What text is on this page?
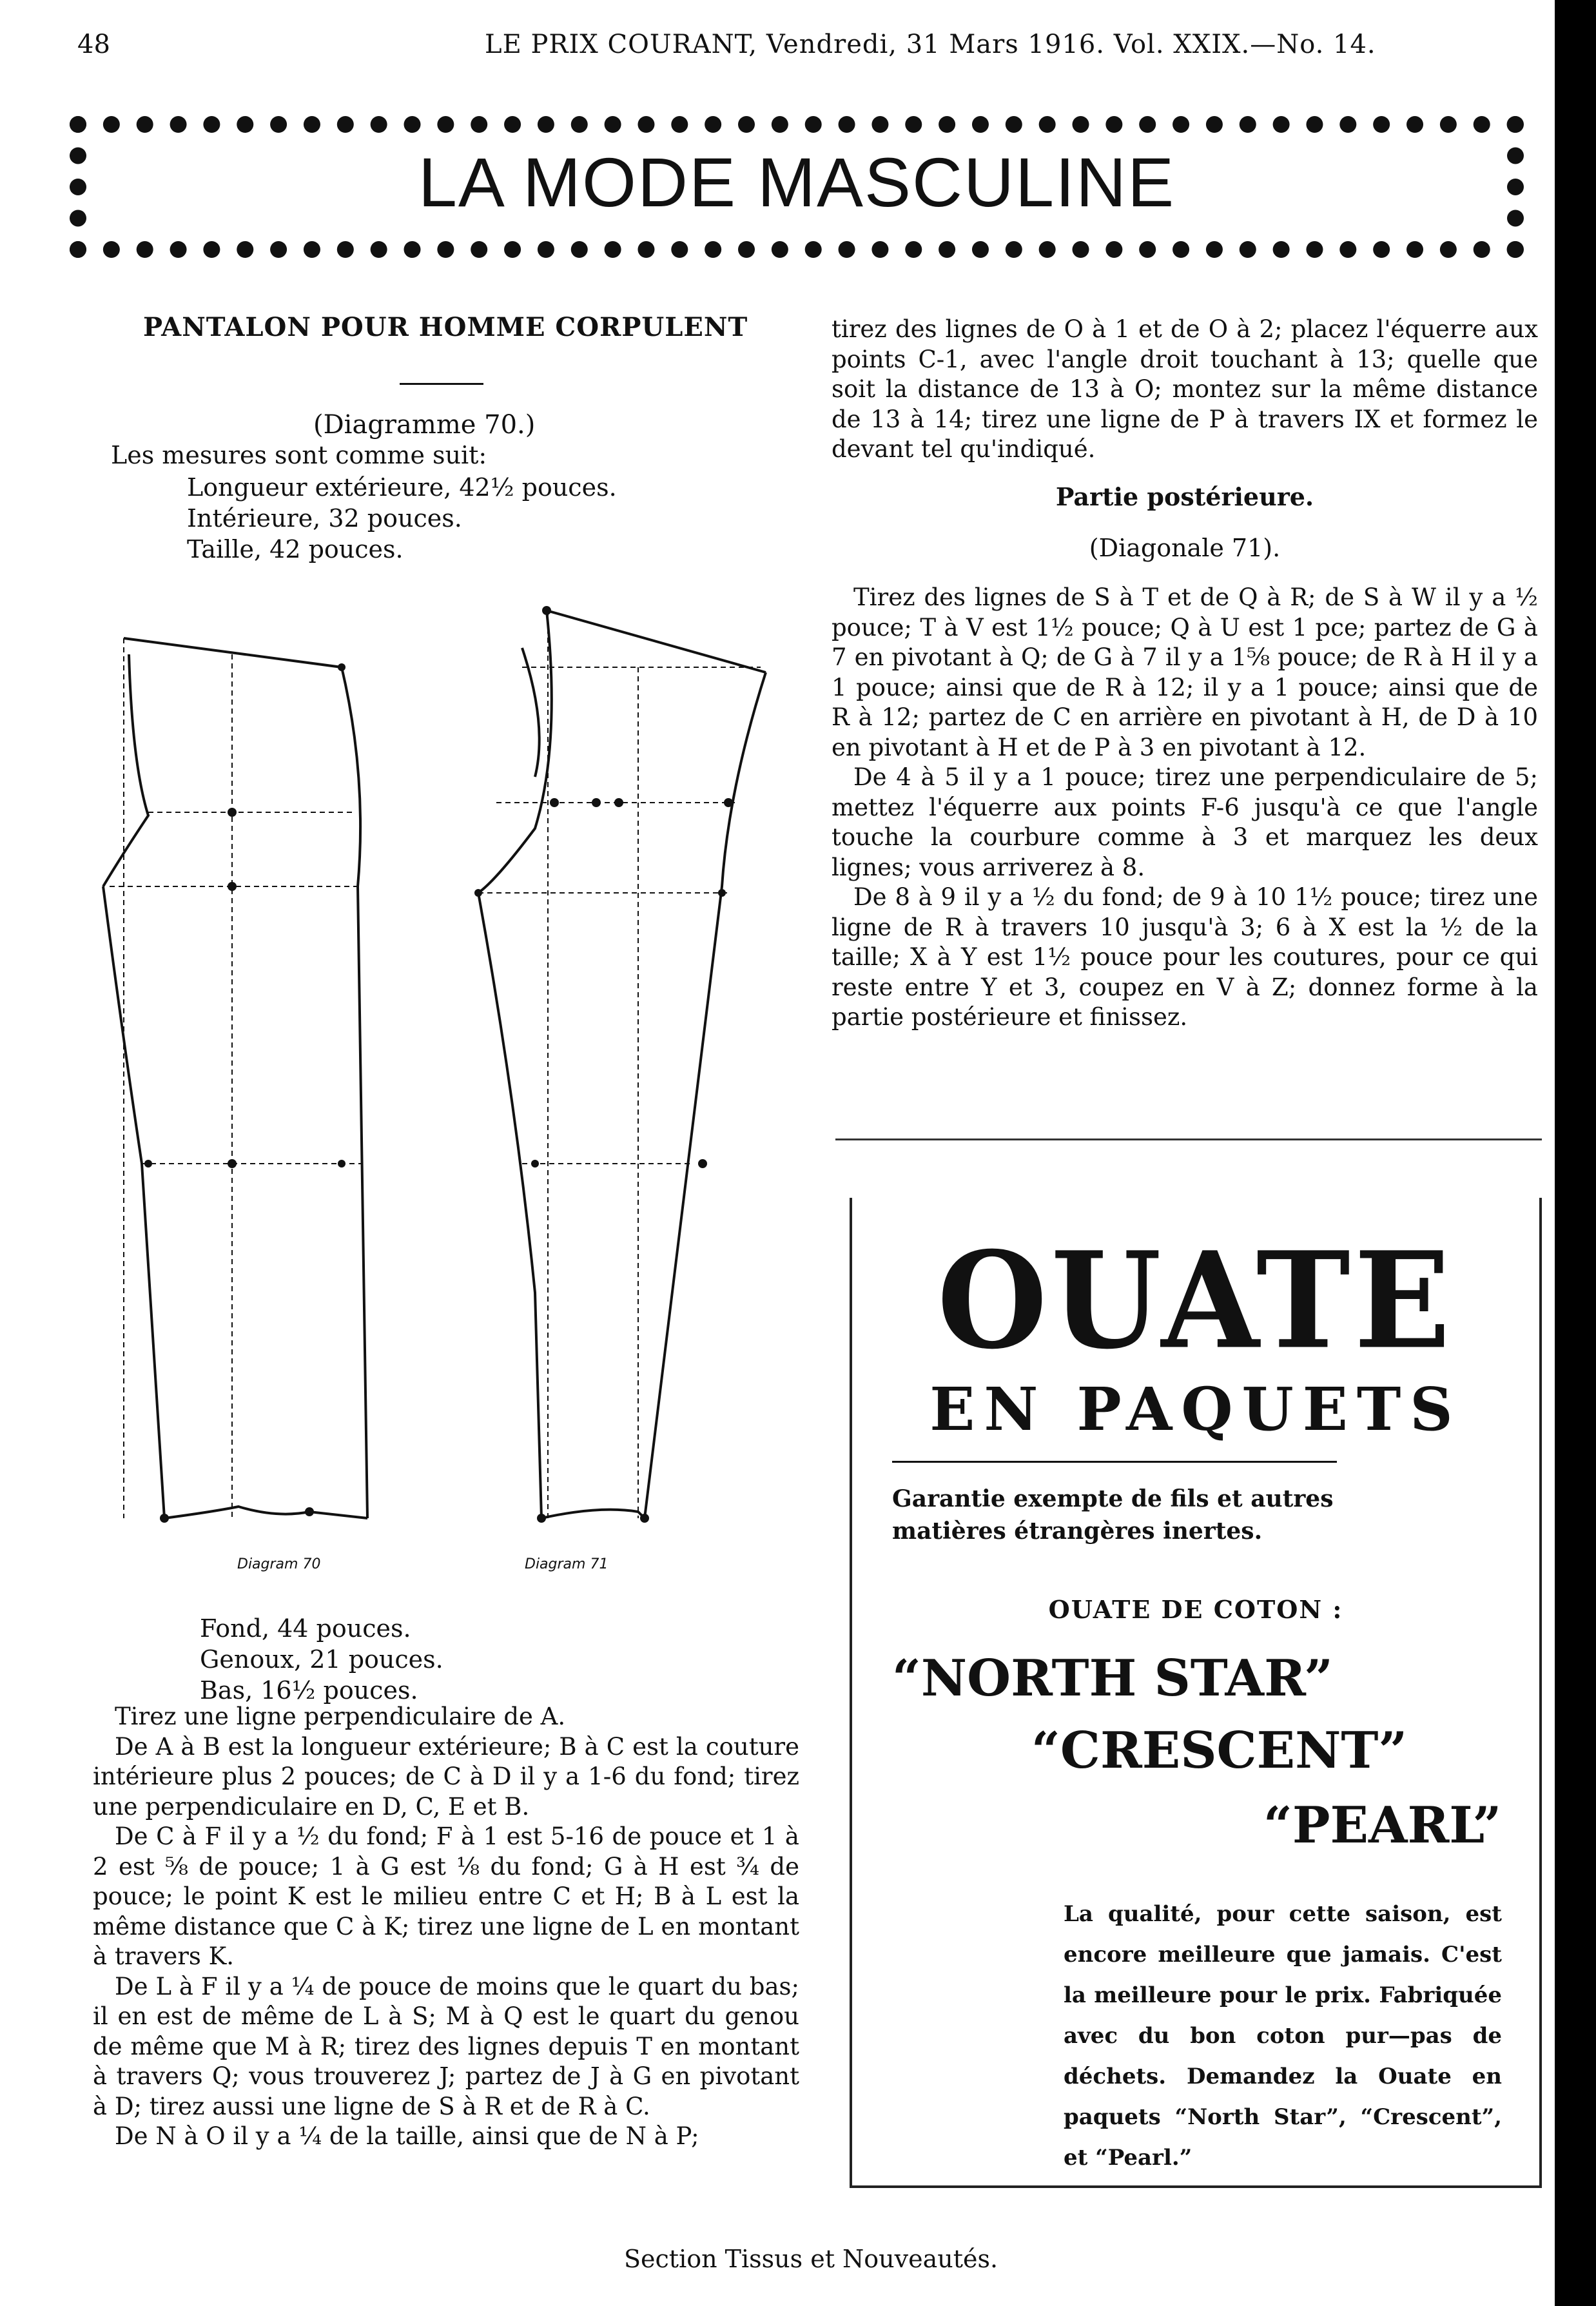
48	LE PRIX COURANT, Vendredi, 31 Mars 1916. Vol. XXIX.—No. 14.
LA MODE MASCULINE
PANTALON POUR HOMME CORPULENT
(Diagramme 70.)
Les mesures sont comme suit:
Longueur extérieure, 42½ pouces.
Intérieure, 32 pouces.
Taille, 42 pouces.
Diagram 70	Diagram 71
Fond, 44 pouces.
Genoux, 21 pouces.
Bas, 16½ pouces.

Tirez une ligne perpendiculaire de A.

De A à B est la longueur extérieure; B à C est la couture intérieure plus 2 pouces; de C à D il y a 1-6 du fond; tirez une perpendiculaire en D, C, E et B.

De C à F il y a ½ du fond; F à 1 est 5-16 de pouce et 1 à 2 est ⅝ de pouce; 1 à G est ⅛ du fond; G à H est ¾ de pouce; le point K est le milieu entre C et H; B à L est la même distance que C à K; tirez une ligne de L en montant à travers K.

De L à F il y a ¼ de pouce de moins que le quart du bas; il en est de même de L à S; M à Q est le quart du genou de même que M à R; tirez des lignes depuis T en montant à travers Q; vous trouverez J; partez de J à G en pivotant à D; tirez aussi une ligne de S à R et de R à C.

De N à O il y a ¼ de la taille, ainsi que de N à P;

tirez des lignes de O à 1 et de O à 2; placez l'équerre aux points C-1, avec l'angle droit touchant à 13; quelle que soit la distance de 13 à O; montez sur la même distance de 13 à 14; tirez une ligne de P à travers IX et formez le devant tel qu'indiqué.

Partie postérieure.
(Diagonale 71).

Tirez des lignes de S à T et de Q à R; de S à W il y a ½ pouce; T à V est 1½ pouce; Q à U est 1 pce; partez de G à 7 en pivotant à Q; de G à 7 il y a 1⅝ pouce; de R à H il y a 1 pouce; ainsi que de R à 12; il y a 1 pouce; ainsi que de R à 12; partez de C en arrière en pivotant à H, de D à 10 en pivotant à H et de P à 3 en pivotant à 12.

De 4 à 5 il y a 1 pouce; tirez une perpendiculaire de 5; mettez l'équerre aux points F-6 jusqu'à ce que l'angle touche la courbure comme à 3 et marquez les deux lignes; vous arriverez à 8.

De 8 à 9 il y a ½ du fond; de 9 à 10 1½ pouce; tirez une ligne de R à travers 10 jusqu'à 3; 6 à X est la ½ de la taille; X à Y est 1½ pouce pour les coutures, pour ce qui reste entre Y et 3, coupez en V à Z; donnez forme à la partie postérieure et finissez.

OUATE
EN PAQUETS
Garantie exempte de fils et autres matières étrangères inertes.
OUATE DE COTON :
“NORTH STAR”
“CRESCENT”
“PEARL”
La qualité, pour cette saison, est encore meilleure que jamais. C'est la meilleure pour le prix. Fabriquée avec du bon coton pur—pas de déchets. Demandez la Ouate en paquets “North Star”, “Crescent”, et “Pearl.”
Section Tissus et Nouveautés.
